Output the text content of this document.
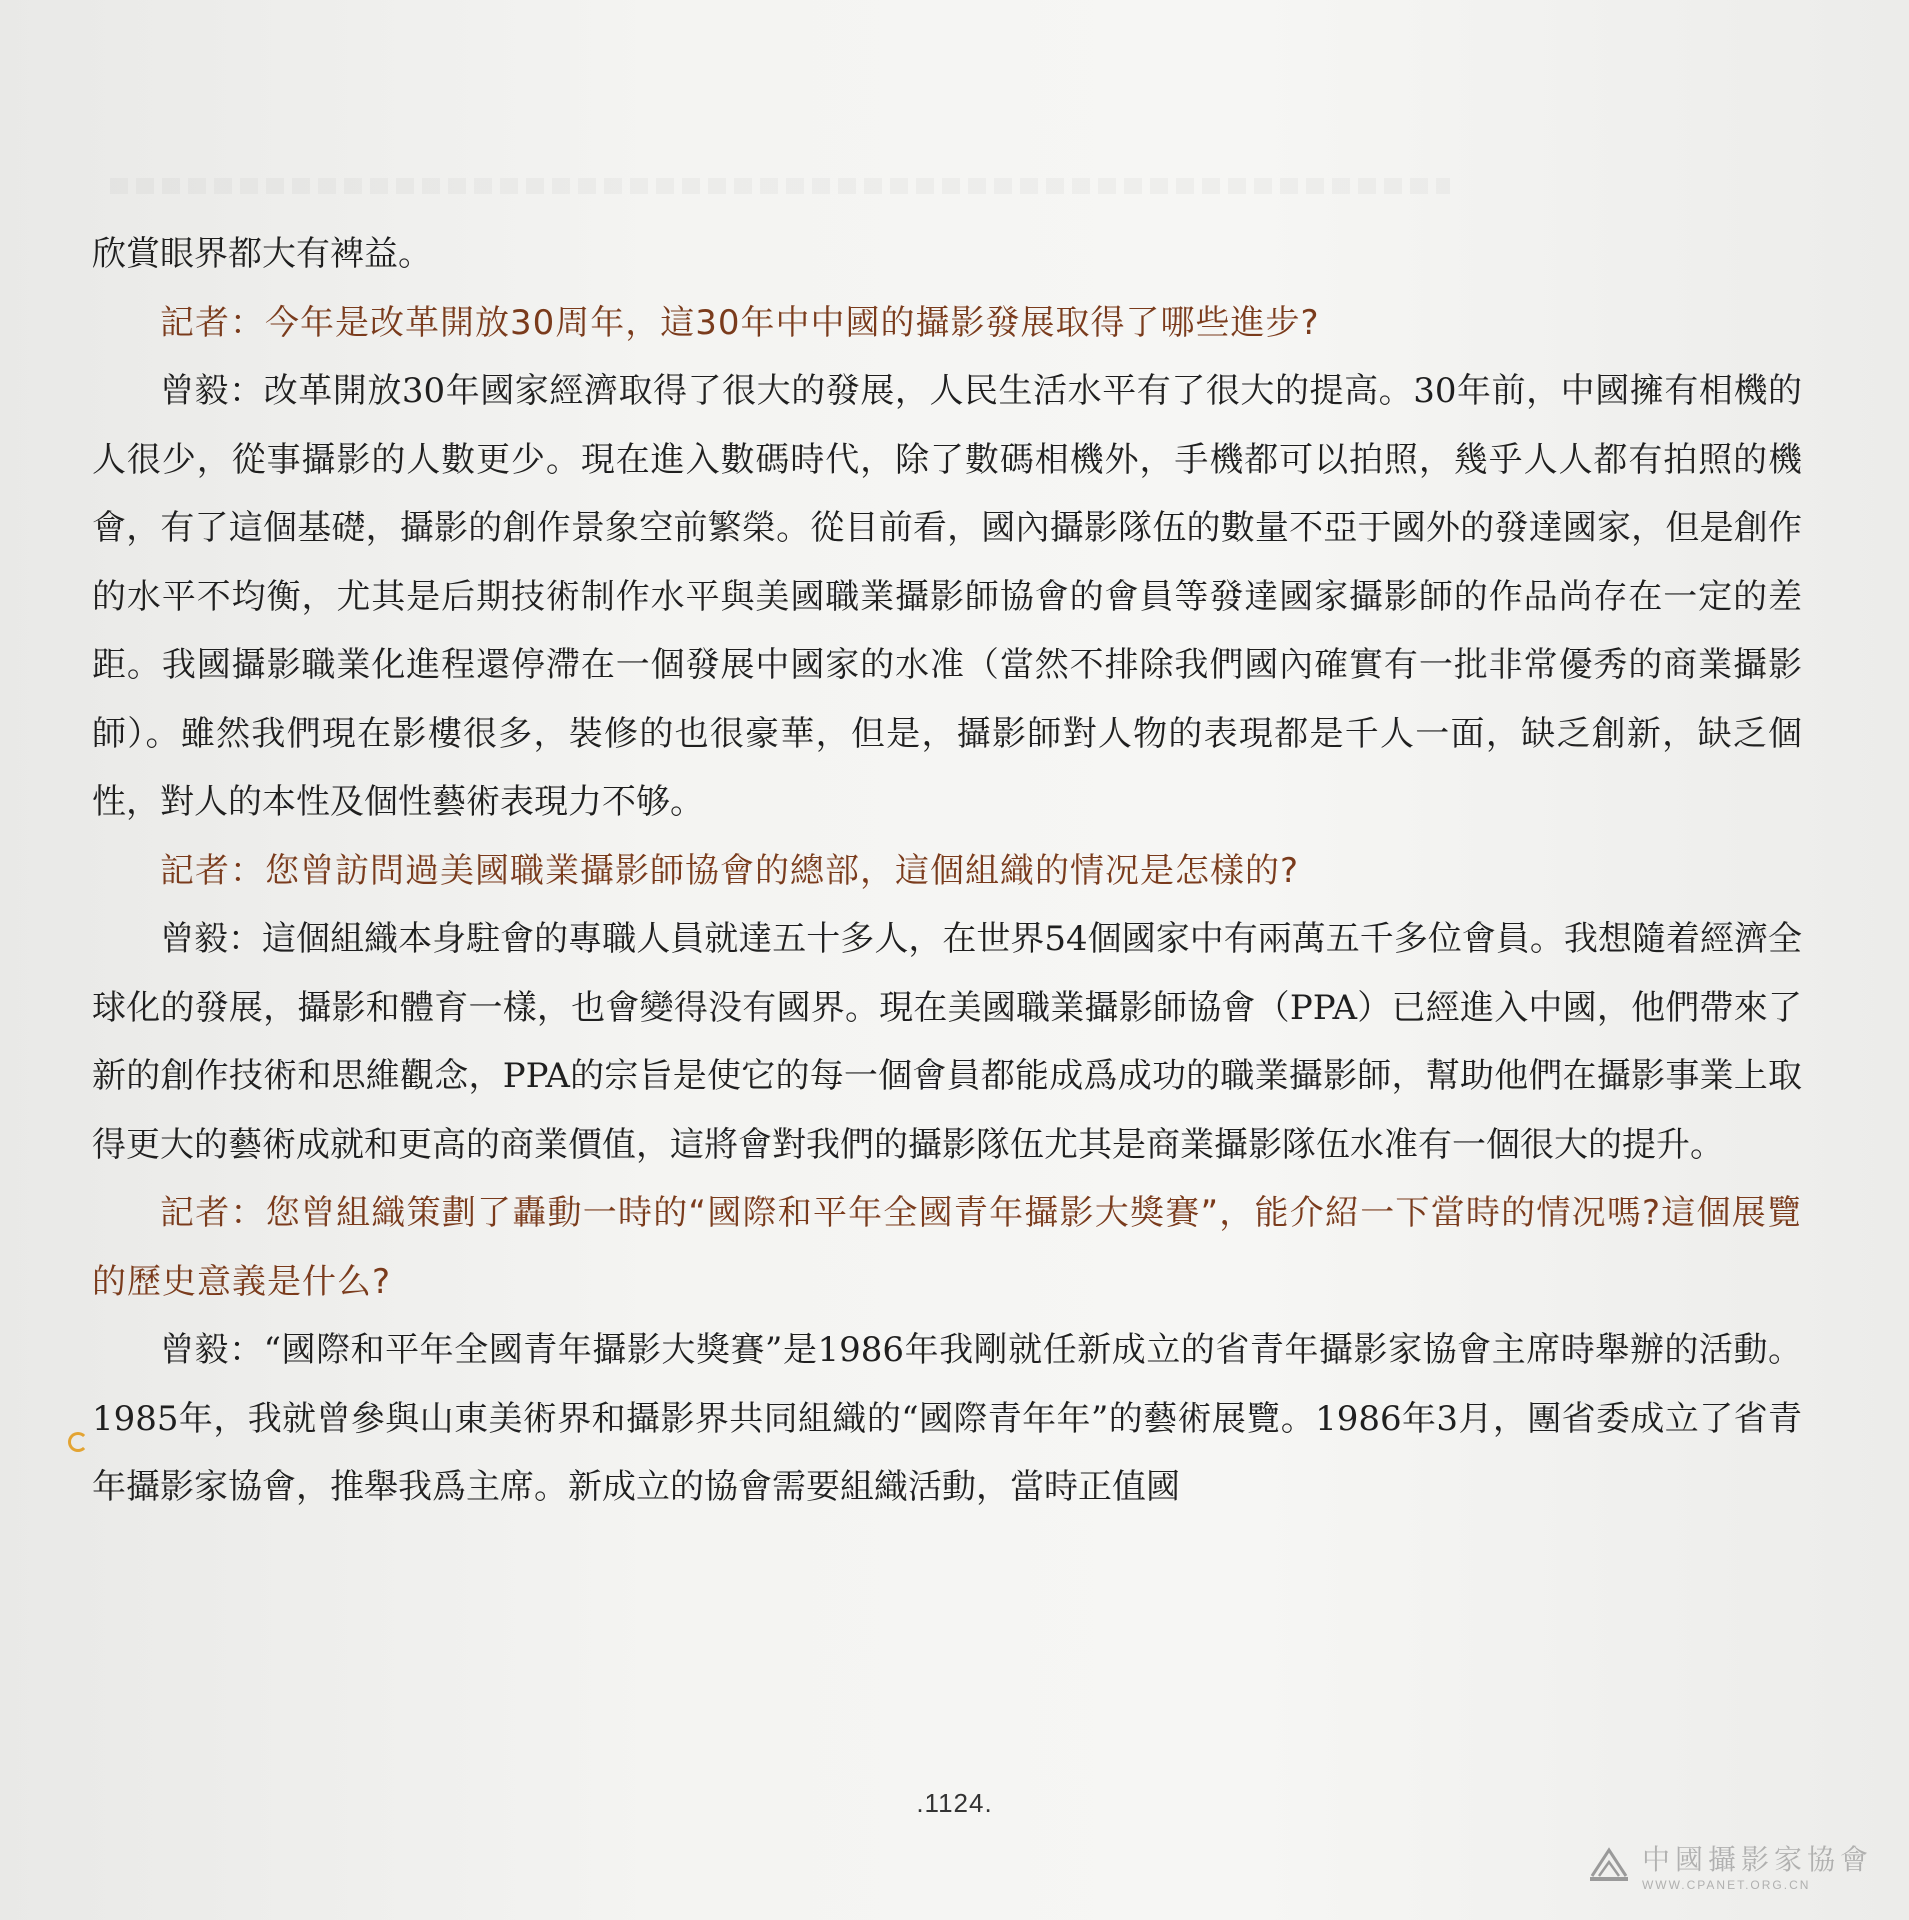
欣賞眼界都大有裨益。

記者：今年是改革開放30周年，這30年中中國的攝影發展取得了哪些進步?

曾毅：改革開放30年國家經濟取得了很大的發展，人民生活水平有了很大的提高。30年前，中國擁有相機的人很少，從事攝影的人數更少。現在進入數碼時代，除了數碼相機外，手機都可以拍照，幾乎人人都有拍照的機會，有了這個基礎，攝影的創作景象空前繁榮。從目前看，國內攝影隊伍的數量不亞于國外的發達國家，但是創作的水平不均衡，尤其是后期技術制作水平與美國職業攝影師協會的會員等發達國家攝影師的作品尚存在一定的差距。我國攝影職業化進程還停滯在一個發展中國家的水准（當然不排除我們國內確實有一批非常優秀的商業攝影師）。雖然我們現在影樓很多，裝修的也很豪華，但是，攝影師對人物的表現都是千人一面，缺乏創新，缺乏個性，對人的本性及個性藝術表現力不够。

記者：您曾訪問過美國職業攝影師協會的總部，這個組織的情况是怎樣的?

曾毅：這個組織本身駐會的專職人員就達五十多人，在世界54個國家中有兩萬五千多位會員。我想隨着經濟全球化的發展，攝影和體育一樣，也會變得没有國界。現在美國職業攝影師協會（PPA）已經進入中國，他們帶來了新的創作技術和思維觀念，PPA的宗旨是使它的每一個會員都能成爲成功的職業攝影師，幫助他們在攝影事業上取得更大的藝術成就和更高的商業價值，這將會對我們的攝影隊伍尤其是商業攝影隊伍水准有一個很大的提升。

記者：您曾組織策劃了轟動一時的“國際和平年全國青年攝影大獎賽”，能介紹一下當時的情况嗎?這個展覽的歷史意義是什么?

曾毅：“國際和平年全國青年攝影大獎賽”是1986年我剛就任新成立的省青年攝影家協會主席時舉辦的活動。1985年，我就曾參與山東美術界和攝影界共同組織的“國際青年年”的藝術展覽。1986年3月，團省委成立了省青年攝影家協會，推舉我爲主席。新成立的協會需要組織活動，當時正值國

.1124.
中國攝影家協會
WWW.CPANET.ORG.CN
